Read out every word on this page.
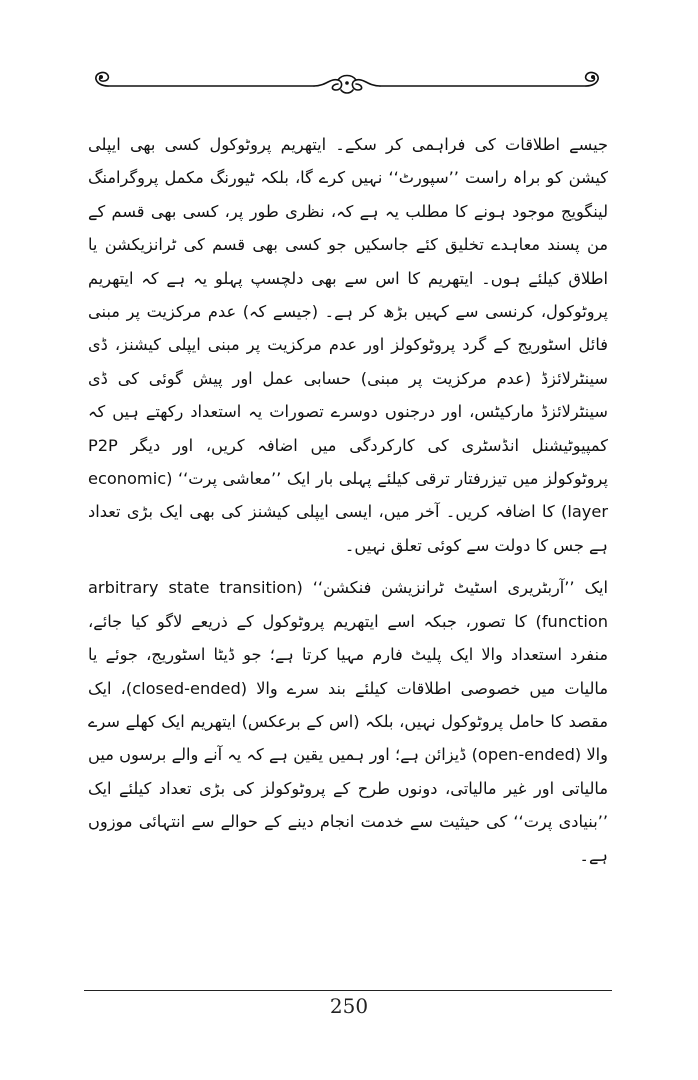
جیسے اطلاقات کی فراہمی کر سکے۔ ایتھریم پروٹوکول کسی بھی ایپلی کیشن کو براہ راست ’’سپورٹ‘‘ نہیں کرے گا، بلکہ ٹیورنگ مکمل پروگرامنگ لینگویج موجود ہونے کا مطلب یہ ہے کہ، نظری طور پر، کسی بھی قسم کے من پسند معاہدے تخلیق کئے جاسکیں جو کسی بھی قسم کی ٹرانزیکشن یا اطلاق کیلئے ہوں۔ ایتھریم کا اس سے بھی دلچسپ پہلو یہ ہے کہ ایتھریم پروٹوکول، کرنسی سے کہیں بڑھ کر ہے۔ (جیسے کہ) عدم مرکزیت پر مبنی فائل اسٹوریج کے گرد پروٹوکولز اور عدم مرکزیت پر مبنی ایپلی کیشنز، ڈی سینٹرلائزڈ (عدم مرکزیت پر مبنی) حسابی عمل اور پیش گوئی کی ڈی سینٹرلائزڈ مارکیٹس، اور درجنوں دوسرے تصورات یہ استعداد رکھتے ہیں کہ کمپیوٹیشنل انڈسٹری کی کارکردگی میں اضافہ کریں، اور دیگر P2P پروٹوکولز میں تیزرفتار ترقی کیلئے پہلی بار ایک ’’معاشی پرت‘‘ (economic layer) کا اضافہ کریں۔ آخر میں، ایسی ایپلی کیشنز کی بھی ایک بڑی تعداد ہے جس کا دولت سے کوئی تعلق نہیں۔

ایک ’’آربٹریری اسٹیٹ ٹرانزیشن فنکشن‘‘ (arbitrary state transition function) کا تصور، جبکہ اسے ایتھریم پروٹوکول کے ذریعے لاگو کیا جائے، منفرد استعداد والا ایک پلیٹ فارم مہیا کرتا ہے؛ جو ڈیٹا اسٹوریج، جوئے یا مالیات میں خصوصی اطلاقات کیلئے بند سرے والا (closed-ended)، ایک مقصد کا حامل پروٹوکول نہیں، بلکہ (اس کے برعکس) ایتھریم ایک کھلے سرے والا (open-ended) ڈیزائن ہے؛ اور ہمیں یقین ہے کہ یہ آنے والے برسوں میں مالیاتی اور غیر مالیاتی، دونوں طرح کے پروٹوکولز کی بڑی تعداد کیلئے ایک ’’بنیادی پرت‘‘ کی حیثیت سے خدمت انجام دینے کے حوالے سے انتہائی موزوں ہے۔

250
